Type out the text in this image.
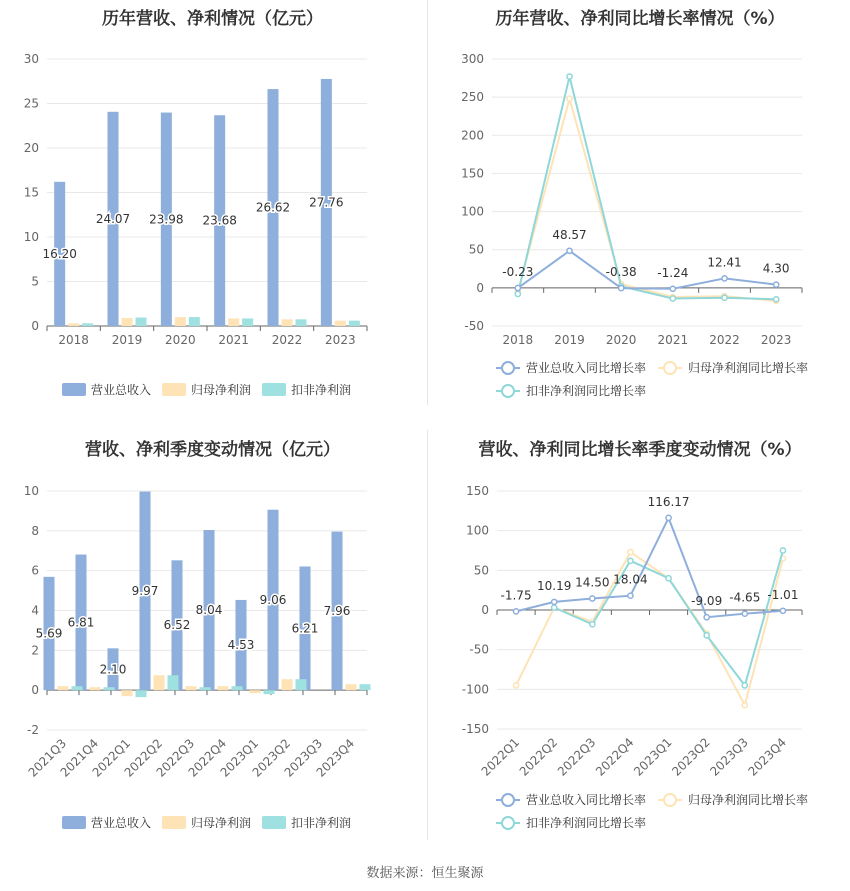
历年营收、净利情况（亿元）
0
5
10
15
20
25
30
2018 2019 2020 2021 2022 2023
16.20
24.07 23.98 23.68
26.62 27.76
营业总收入	归母净利润	扣非净利润
历年营收、净利同比增长率情况（%）
-50
0
50
100
150
200
250
300
2018 2019 2020 2021 2022 2023
-0.23
48.57
-0.38 -1.24
12.41 4.30
营业总收入同比增长率	归母净利润同比增长率
扣非净利润同比增长率
营收、净利季度变动情况（亿元）
-2
0
2
4
6
8
10
2021Q3
2021Q4
2022Q1
2022Q2
2022Q3
2022Q4
2023Q1
2023Q2
2023Q3
2023Q4
5.69
6.81
2.10
9.97
6.52
8.04
4.53
9.06
6.21
7.96
营业总收入	归母净利润	扣非净利润
营收、净利同比增长率季度变动情况（%）
-150
-100
-50
0
50
100
150
2022Q1
2022Q2
2022Q3
2022Q4
2023Q1
2023Q2
2023Q3
2023Q4
-1.75
10.19 14.50 18.04
116.17
-9.09 -4.65 -1.01
营业总收入同比增长率	归母净利润同比增长率
扣非净利润同比增长率
数据来源：恒生聚源
